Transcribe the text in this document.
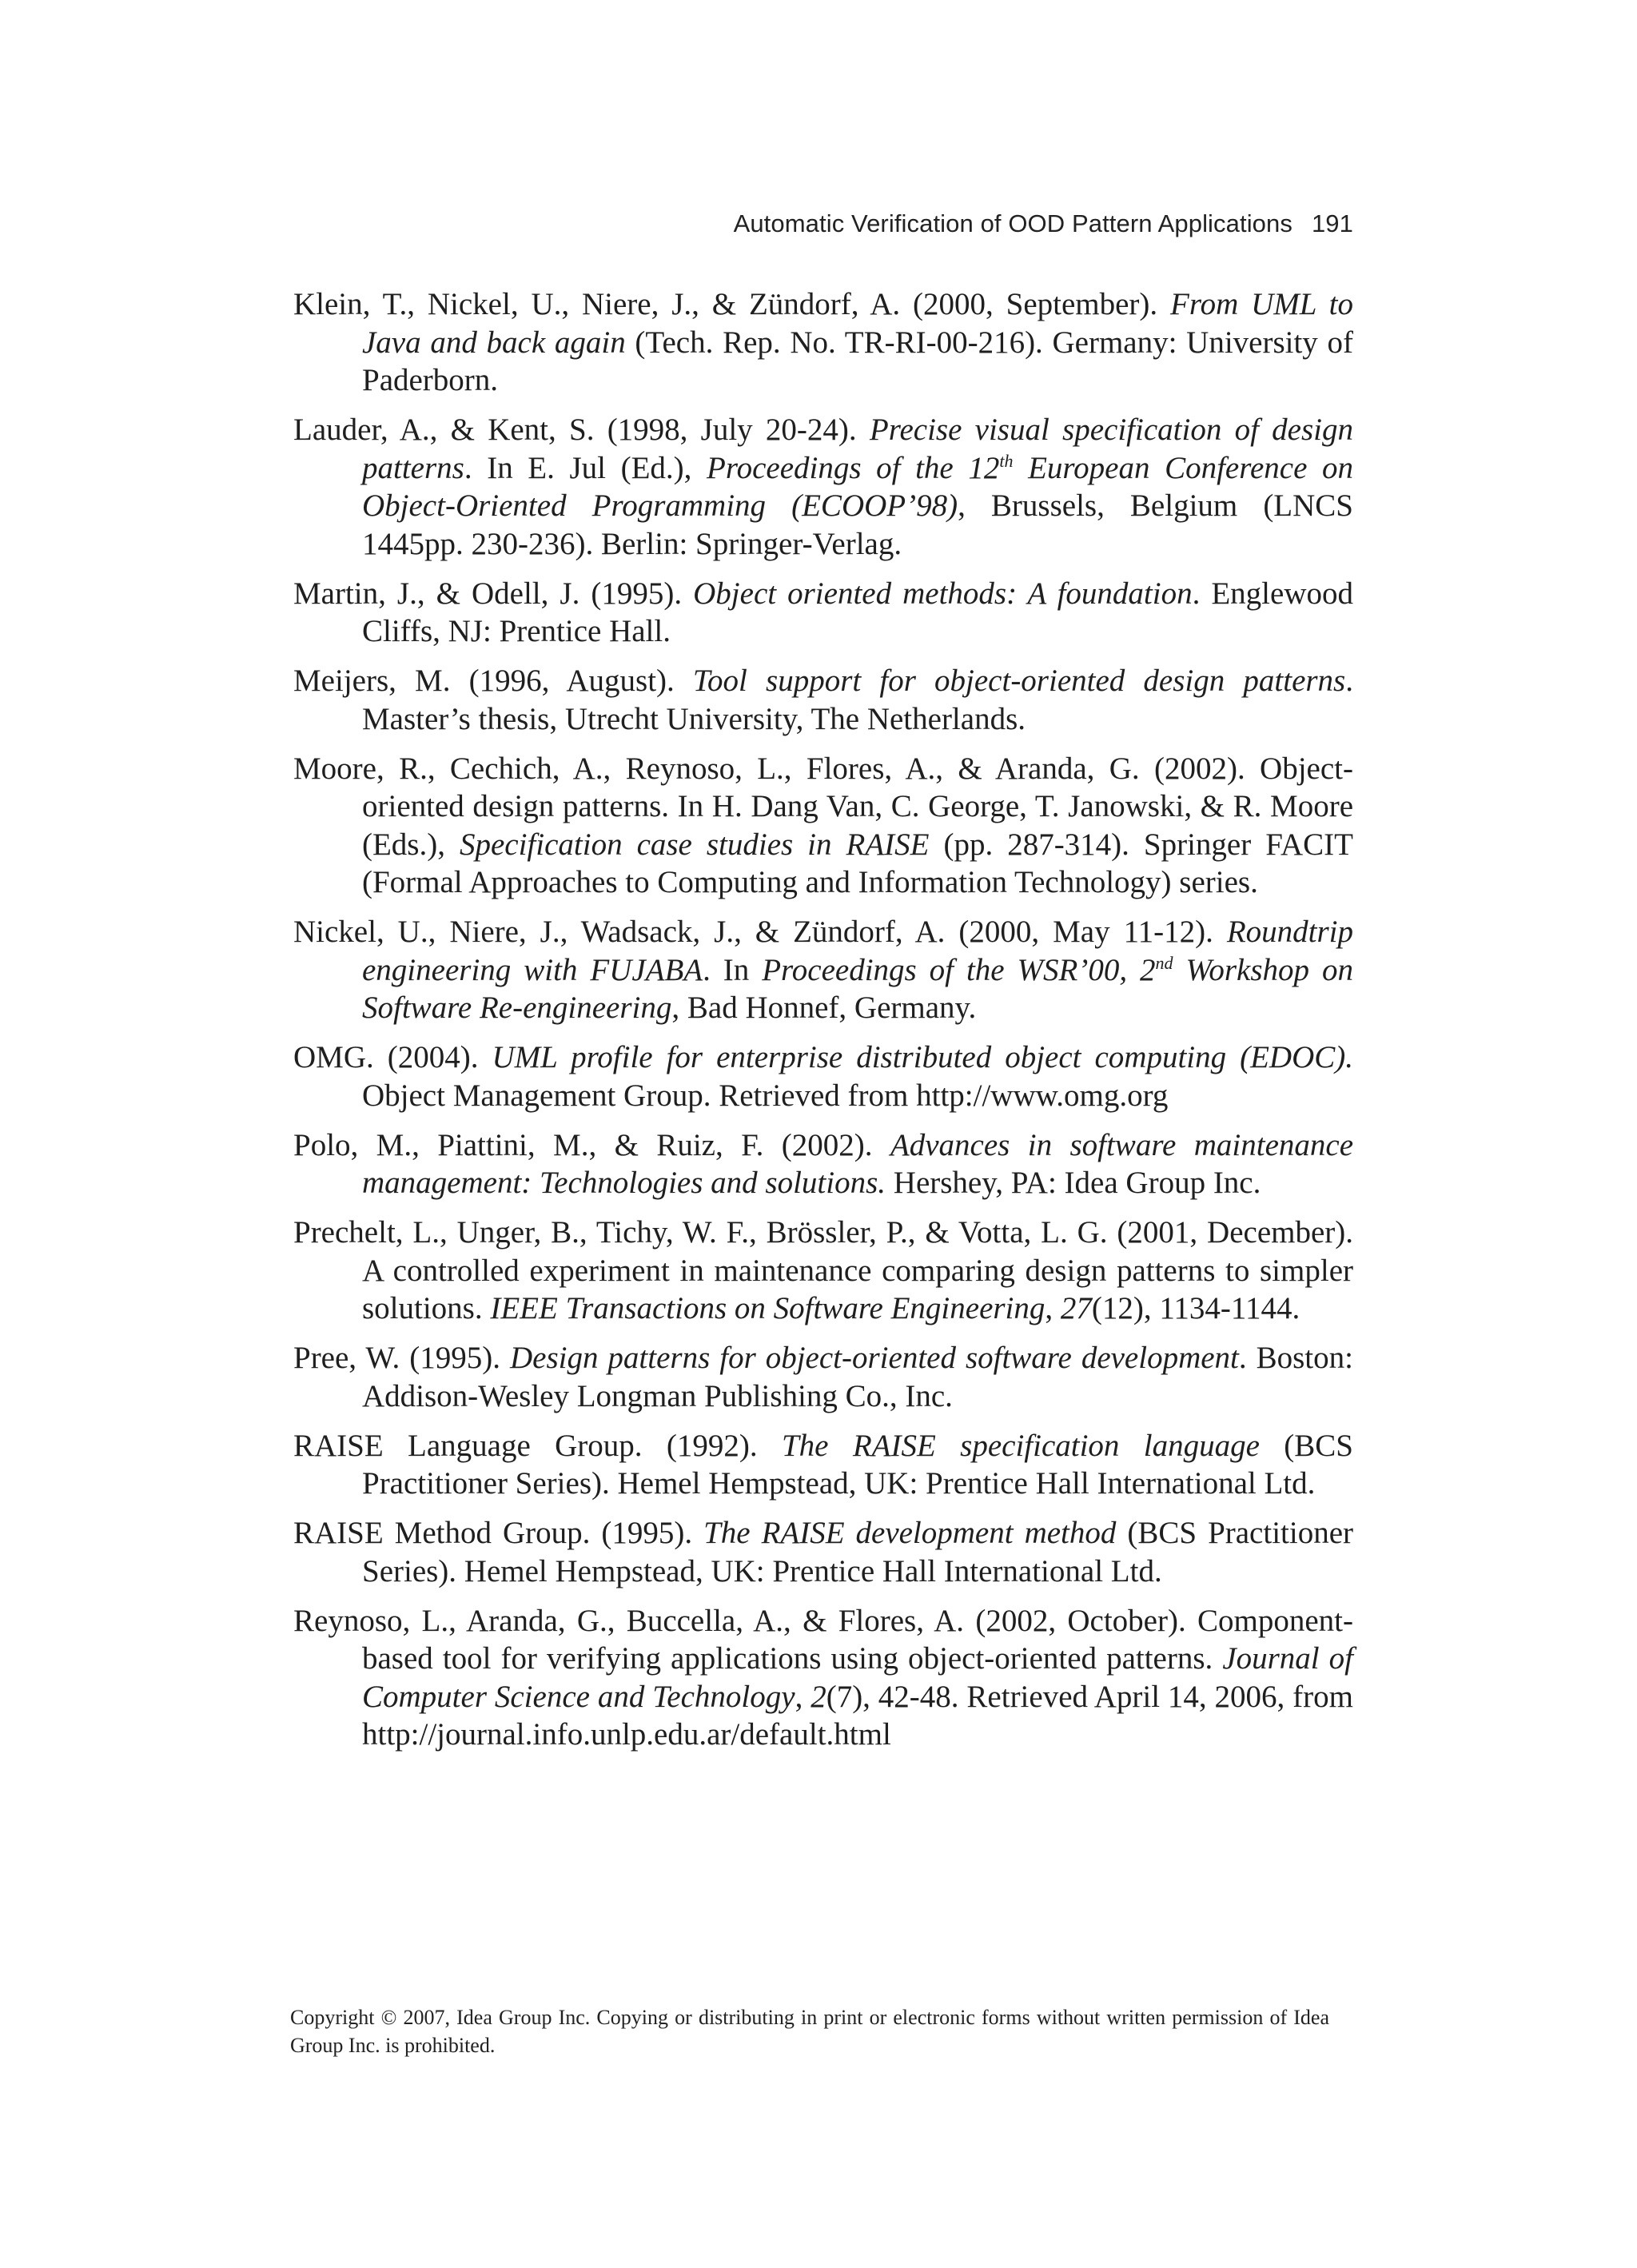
Automatic Verification of OOD Pattern Applications 191

Klein, T., Nickel, U., Niere, J., & Zündorf, A. (2000, September). From UML to Java and back again (Tech. Rep. No. TR-RI-00-216). Germany: University of Paderborn.

Lauder, A., & Kent, S. (1998, July 20-24). Precise visual specification of design patterns. In E. Jul (Ed.), Proceedings of the 12th European Conference on Object-Oriented Programming (ECOOP’98), Brussels, Belgium (LNCS 1445pp. 230-236). Berlin: Springer-Verlag.

Martin, J., & Odell, J. (1995). Object oriented methods: A foundation. Englewood Cliffs, NJ: Prentice Hall.

Meijers, M. (1996, August). Tool support for object-oriented design patterns. Master’s thesis, Utrecht University, The Netherlands.

Moore, R., Cechich, A., Reynoso, L., Flores, A., & Aranda, G. (2002). Object-oriented design patterns. In H. Dang Van, C. George, T. Janowski, & R. Moore (Eds.), Specification case studies in RAISE (pp. 287-314). Springer FACIT (Formal Approaches to Computing and Information Technology) series.

Nickel, U., Niere, J., Wadsack, J., & Zündorf, A. (2000, May 11-12). Roundtrip engineering with FUJABA. In Proceedings of the WSR’00, 2nd Workshop on Software Re-engineering, Bad Honnef, Germany.

OMG. (2004). UML profile for enterprise distributed object computing (EDOC). Object Management Group. Retrieved from http://www.omg.org

Polo, M., Piattini, M., & Ruiz, F. (2002). Advances in software maintenance management: Technologies and solutions. Hershey, PA: Idea Group Inc.

Prechelt, L., Unger, B., Tichy, W. F., Brössler, P., & Votta, L. G. (2001, December). A controlled experiment in maintenance comparing design patterns to simpler solutions. IEEE Transactions on Software Engineering, 27(12), 1134-1144.

Pree, W. (1995). Design patterns for object-oriented software development. Boston: Addison-Wesley Longman Publishing Co., Inc.

RAISE Language Group. (1992). The RAISE specification language (BCS Practitioner Series). Hemel Hempstead, UK: Prentice Hall International Ltd.

RAISE Method Group. (1995). The RAISE development method (BCS Practitioner Series). Hemel Hempstead, UK: Prentice Hall International Ltd.

Reynoso, L., Aranda, G., Buccella, A., & Flores, A. (2002, October). Component-based tool for verifying applications using object-oriented patterns. Journal of Computer Science and Technology, 2(7), 42-48. Retrieved April 14, 2006, from http://journal.info.unlp.edu.ar/default.html

Copyright © 2007, Idea Group Inc. Copying or distributing in print or electronic forms without written permission of Idea Group Inc. is prohibited.
